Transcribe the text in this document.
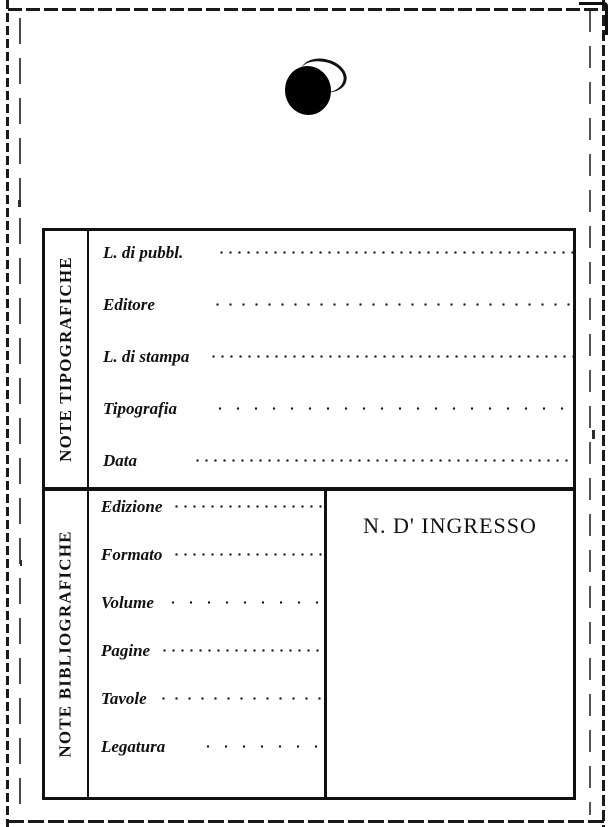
NOTE TIPOGRAFICHE
L. di pubbl.
Editore
L. di stampa
Tipografia
Data
NOTE BIBLIOGRAFICHE
Edizione
Formato
Volume
Pagine
Tavole
Legatura
N. D' INGRESSO
